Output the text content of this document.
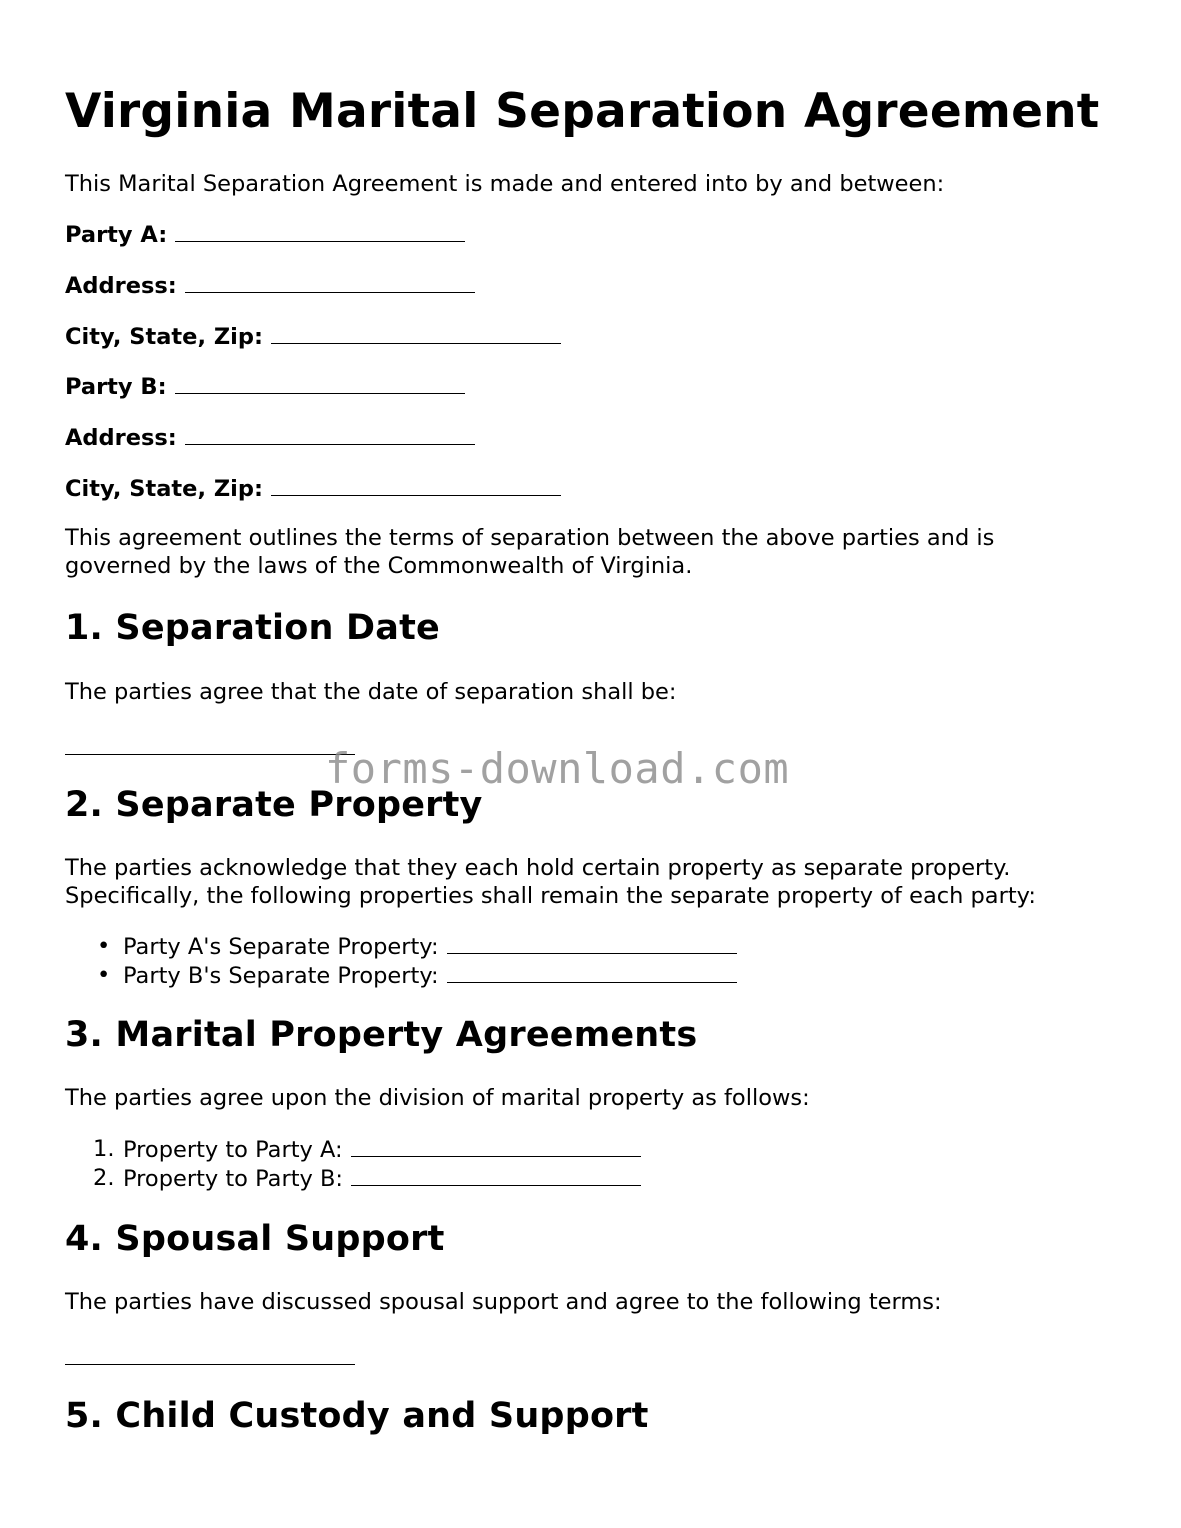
Virginia Marital Separation Agreement

This Marital Separation Agreement is made and entered into by and between:

Party A:

Address:

City, State, Zip:

Party B:

Address:

City, State, Zip:

This agreement outlines the terms of separation between the above parties and is

governed by the laws of the Commonwealth of Virginia.

1. Separation Date

The parties agree that the date of separation shall be:

2. Separate Property

The parties acknowledge that they each hold certain property as separate property.

Specifically, the following properties shall remain the separate property of each party:

• Party A's Separate Property:
• Party B's Separate Property:
3. Marital Property Agreements

The parties agree upon the division of marital property as follows:

1. Property to Party A:
2. Property to Party B:
4. Spousal Support

The parties have discussed spousal support and agree to the following terms:

5. Child Custody and Support
forms-download.com
